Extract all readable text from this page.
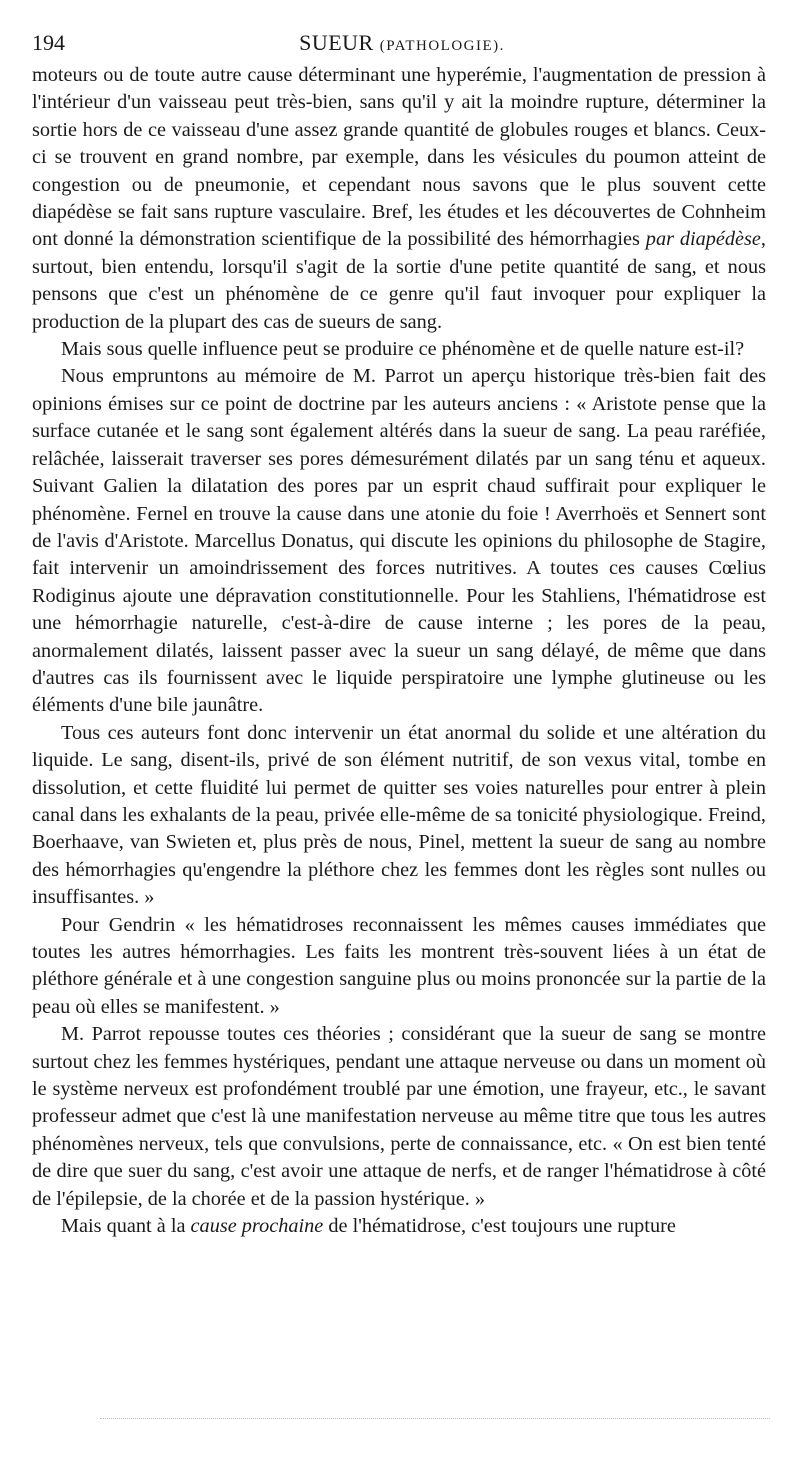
194	SUEUR (PATHOLOGIE).

moteurs ou de toute autre cause déterminant une hyperémie, l'augmentation de pression à l'intérieur d'un vaisseau peut très-bien, sans qu'il y ait la moindre rupture, déterminer la sortie hors de ce vaisseau d'une assez grande quantité de globules rouges et blancs. Ceux-ci se trouvent en grand nombre, par exemple, dans les vésicules du poumon atteint de congestion ou de pneumonie, et cependant nous savons que le plus souvent cette diapédèse se fait sans rupture vasculaire. Bref, les études et les découvertes de Cohnheim ont donné la démonstration scientifique de la possibilité des hémorrhagies par diapédèse, surtout, bien entendu, lorsqu'il s'agit de la sortie d'une petite quantité de sang, et nous pensons que c'est un phénomène de ce genre qu'il faut invoquer pour expliquer la production de la plupart des cas de sueurs de sang.

Mais sous quelle influence peut se produire ce phénomène et de quelle nature est-il?

Nous empruntons au mémoire de M. Parrot un aperçu historique très-bien fait des opinions émises sur ce point de doctrine par les auteurs anciens : « Aristote pense que la surface cutanée et le sang sont également altérés dans la sueur de sang. La peau raréfiée, relâchée, laisserait traverser ses pores démesurément dilatés par un sang ténu et aqueux. Suivant Galien la dilatation des pores par un esprit chaud suffirait pour expliquer le phénomène. Fernel en trouve la cause dans une atonie du foie ! Averrhoës et Sennert sont de l'avis d'Aristote. Marcellus Donatus, qui discute les opinions du philosophe de Stagire, fait intervenir un amoindrissement des forces nutritives. A toutes ces causes Cœlius Rodiginus ajoute une dépravation constitutionnelle. Pour les Stahliens, l'hématidrose est une hémorrhagie naturelle, c'est-à-dire de cause interne ; les pores de la peau, anormalement dilatés, laissent passer avec la sueur un sang délayé, de même que dans d'autres cas ils fournissent avec le liquide perspiratoire une lymphe glutineuse ou les éléments d'une bile jaunâtre.

Tous ces auteurs font donc intervenir un état anormal du solide et une altération du liquide. Le sang, disent-ils, privé de son élément nutritif, de son vexus vital, tombe en dissolution, et cette fluidité lui permet de quitter ses voies naturelles pour entrer à plein canal dans les exhalants de la peau, privée elle-même de sa tonicité physiologique. Freind, Boerhaave, van Swieten et, plus près de nous, Pinel, mettent la sueur de sang au nombre des hémorrhagies qu'engendre la pléthore chez les femmes dont les règles sont nulles ou insuffisantes. »

Pour Gendrin « les hématidroses reconnaissent les mêmes causes immédiates que toutes les autres hémorrhagies. Les faits les montrent très-souvent liées à un état de pléthore générale et à une congestion sanguine plus ou moins prononcée sur la partie de la peau où elles se manifestent. »

M. Parrot repousse toutes ces théories ; considérant que la sueur de sang se montre surtout chez les femmes hystériques, pendant une attaque nerveuse ou dans un moment où le système nerveux est profondément troublé par une émotion, une frayeur, etc., le savant professeur admet que c'est là une manifestation nerveuse au même titre que tous les autres phénomènes nerveux, tels que convulsions, perte de connaissance, etc. « On est bien tenté de dire que suer du sang, c'est avoir une attaque de nerfs, et de ranger l'hématidrose à côté de l'épilepsie, de la chorée et de la passion hystérique. »

Mais quant à la cause prochaine de l'hématidrose, c'est toujours une rupture
